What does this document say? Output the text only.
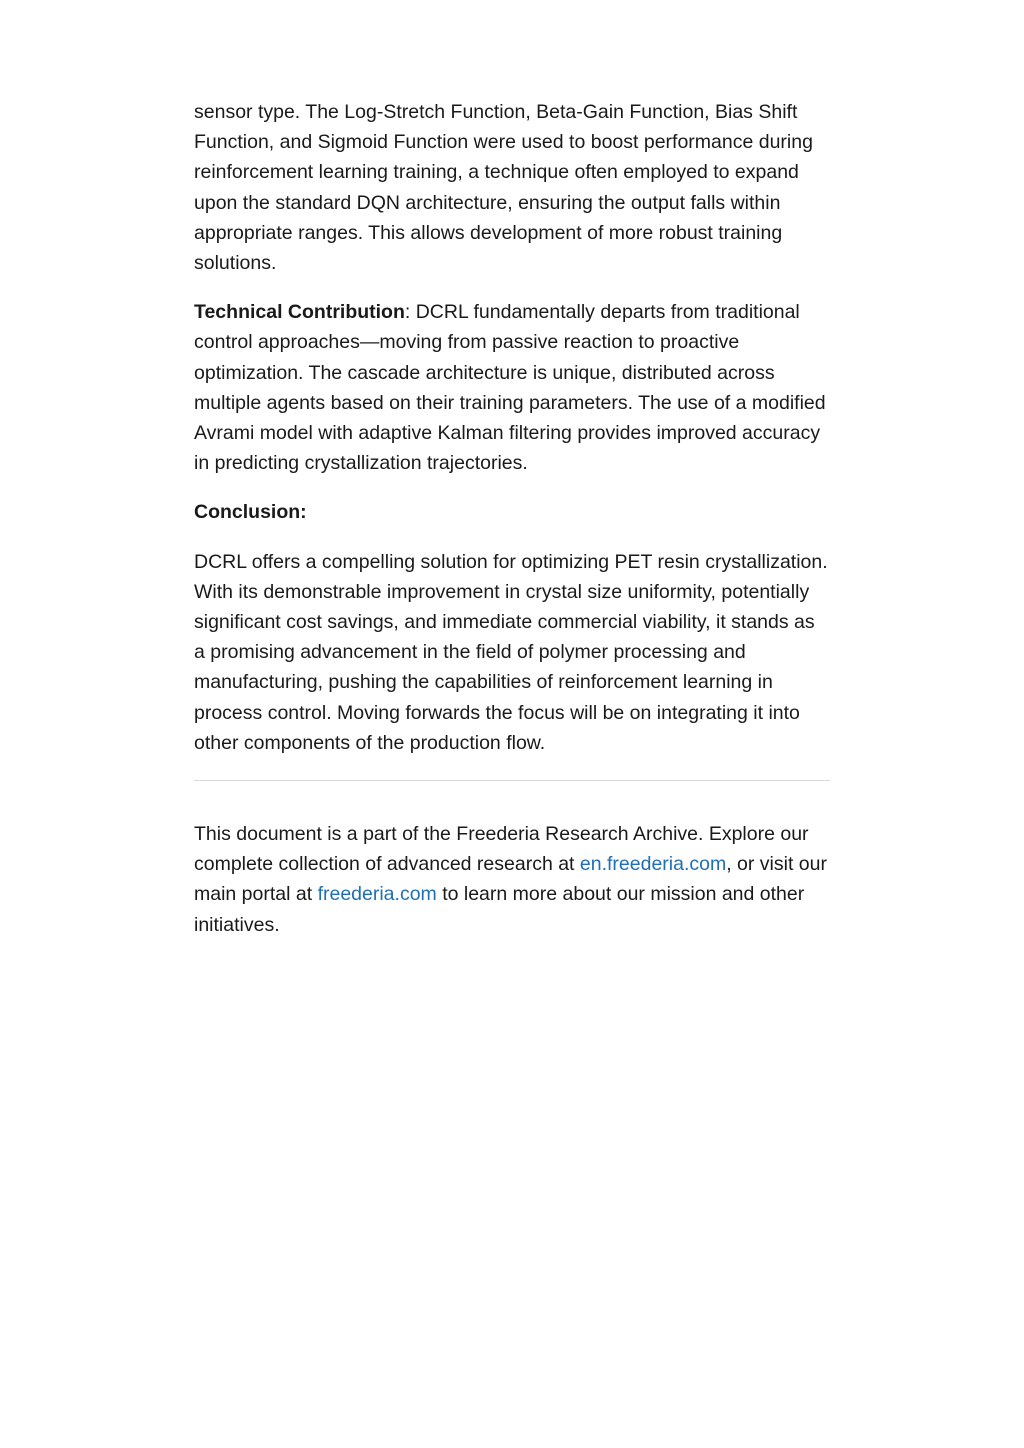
sensor type. The Log-Stretch Function, Beta-Gain Function, Bias Shift Function, and Sigmoid Function were used to boost performance during reinforcement learning training, a technique often employed to expand upon the standard DQN architecture, ensuring the output falls within appropriate ranges. This allows development of more robust training solutions.

Technical Contribution: DCRL fundamentally departs from traditional control approaches—moving from passive reaction to proactive optimization. The cascade architecture is unique, distributed across multiple agents based on their training parameters. The use of a modified Avrami model with adaptive Kalman filtering provides improved accuracy in predicting crystallization trajectories.

Conclusion:

DCRL offers a compelling solution for optimizing PET resin crystallization. With its demonstrable improvement in crystal size uniformity, potentially significant cost savings, and immediate commercial viability, it stands as a promising advancement in the field of polymer processing and manufacturing, pushing the capabilities of reinforcement learning in process control. Moving forwards the focus will be on integrating it into other components of the production flow.

This document is a part of the Freederia Research Archive. Explore our complete collection of advanced research at en.freederia.com, or visit our main portal at freederia.com to learn more about our mission and other initiatives.
